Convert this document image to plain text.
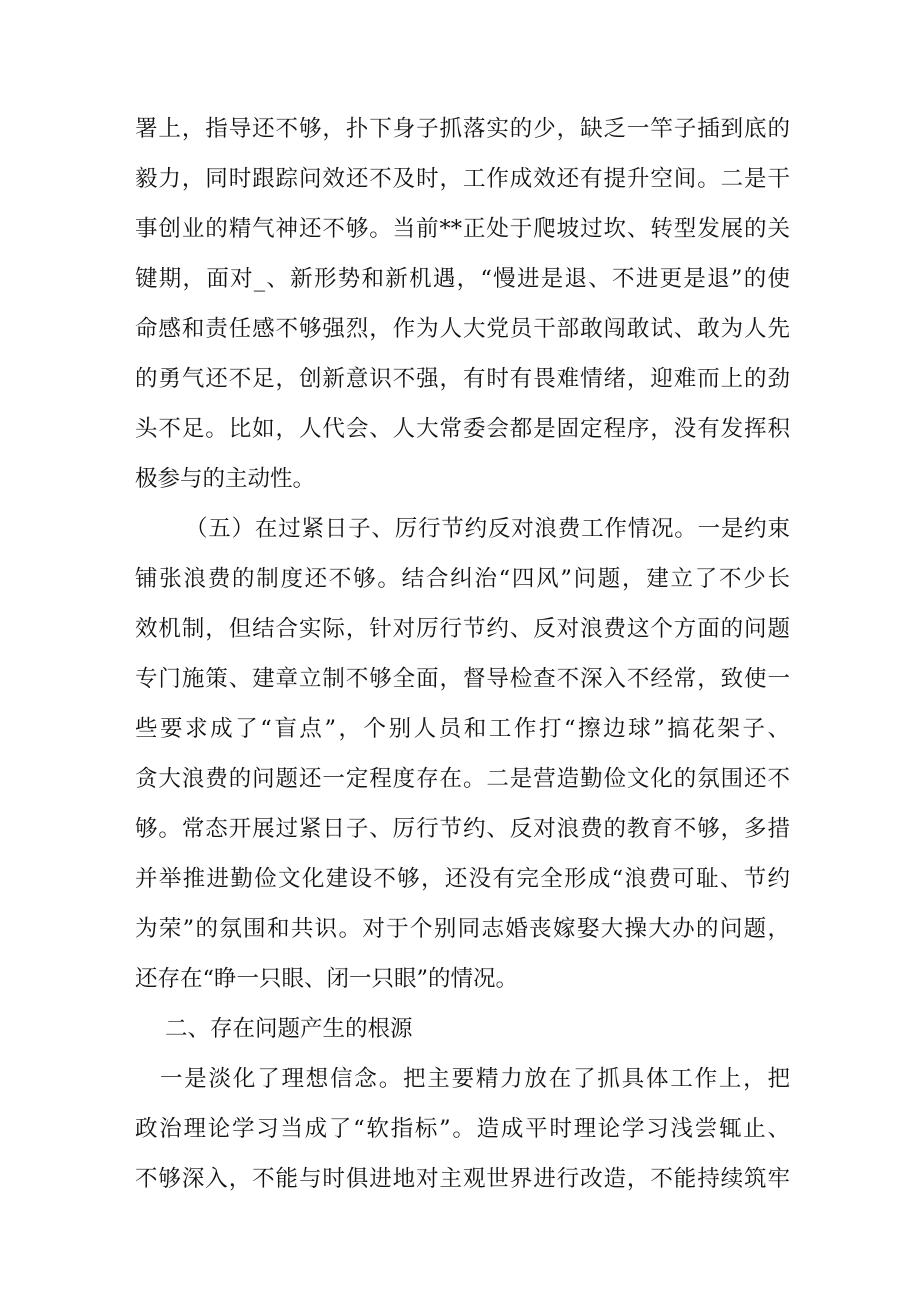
署上，指导还不够，扑下身子抓落实的少，缺乏一竿子插到底的
毅力，同时跟踪问效还不及时，工作成效还有提升空间。二是干
事创业的精气神还不够。当前**正处于爬坡过坎、转型发展的关
键期，面对_、新形势和新机遇，“慢进是退、不进更是退”的使
命感和责任感不够强烈，作为人大党员干部敢闯敢试、敢为人先
的勇气还不足，创新意识不强，有时有畏难情绪，迎难而上的劲
头不足。比如，人代会、人大常委会都是固定程序，没有发挥积
极参与的主动性。
（五）在过紧日子、厉行节约反对浪费工作情况。一是约束
铺张浪费的制度还不够。结合纠治“四风”问题，建立了不少长
效机制，但结合实际，针对厉行节约、反对浪费这个方面的问题
专门施策、建章立制不够全面，督导检查不深入不经常，致使一
些要求成了“盲点”，个别人员和工作打“擦边球”搞花架子、
贪大浪费的问题还一定程度存在。二是营造勤俭文化的氛围还不
够。常态开展过紧日子、厉行节约、反对浪费的教育不够，多措
并举推进勤俭文化建设不够，还没有完全形成“浪费可耻、节约
为荣”的氛围和共识。对于个别同志婚丧嫁娶大操大办的问题，
还存在“睁一只眼、闭一只眼”的情况。
二、存在问题产生的根源
一是淡化了理想信念。把主要精力放在了抓具体工作上，把
政治理论学习当成了“软指标”。造成平时理论学习浅尝辄止、
不够深入，不能与时俱进地对主观世界进行改造，不能持续筑牢
